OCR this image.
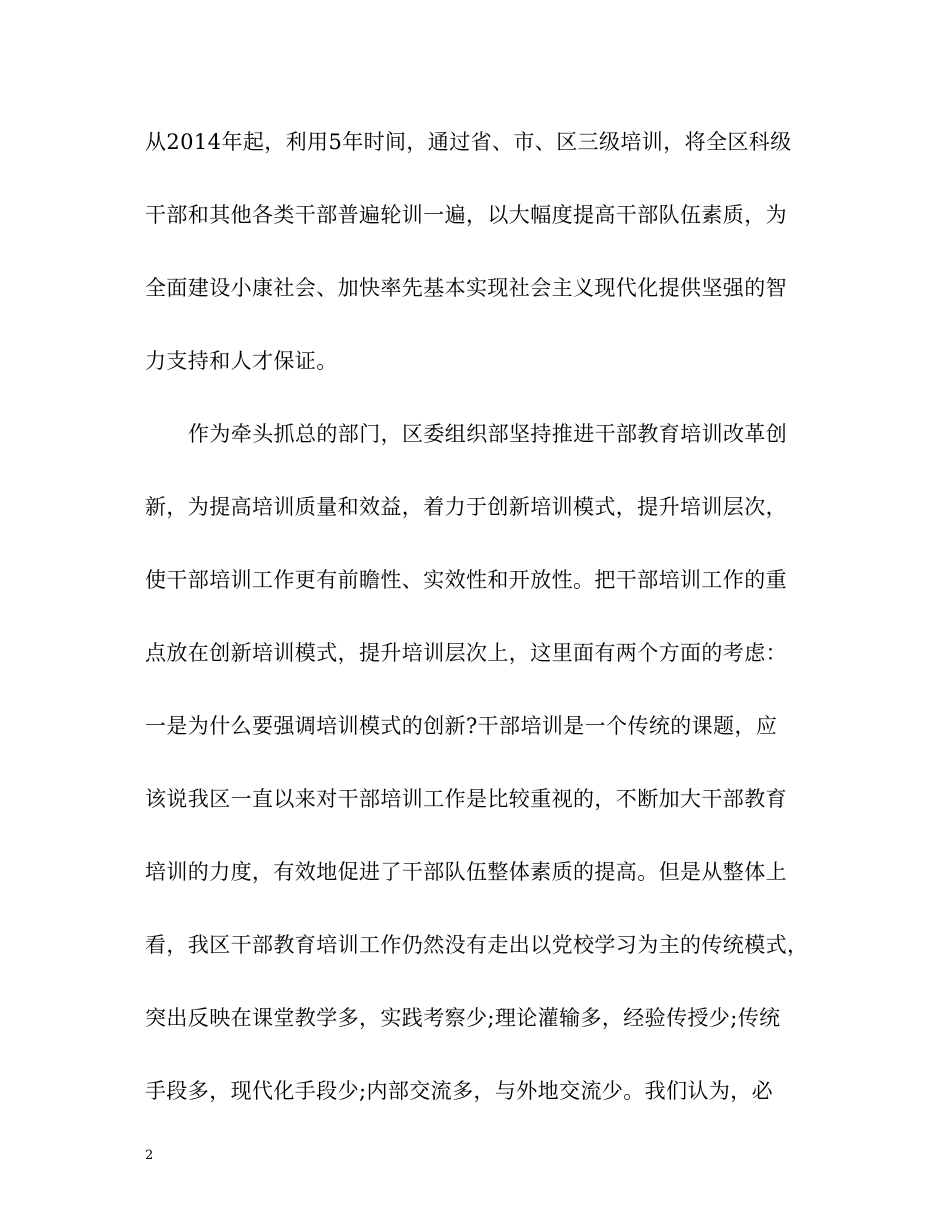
从2014年起，利用5年时间，通过省、市、区三级培训，将全区科级
干部和其他各类干部普遍轮训一遍，以大幅度提高干部队伍素质，为
全面建设小康社会、加快率先基本实现社会主义现代化提供坚强的智
力支持和人才保证。
作为牵头抓总的部门，区委组织部坚持推进干部教育培训改革创
新，为提高培训质量和效益，着力于创新培训模式，提升培训层次，
使干部培训工作更有前瞻性、实效性和开放性。把干部培训工作的重
点放在创新培训模式，提升培训层次上，这里面有两个方面的考虑：
一是为什么要强调培训模式的创新?干部培训是一个传统的课题，应
该说我区一直以来对干部培训工作是比较重视的，不断加大干部教育
培训的力度，有效地促进了干部队伍整体素质的提高。但是从整体上
看，我区干部教育培训工作仍然没有走出以党校学习为主的传统模式，
突出反映在课堂教学多，实践考察少;理论灌输多，经验传授少;传统
手段多，现代化手段少;内部交流多，与外地交流少。我们认为，必
2
